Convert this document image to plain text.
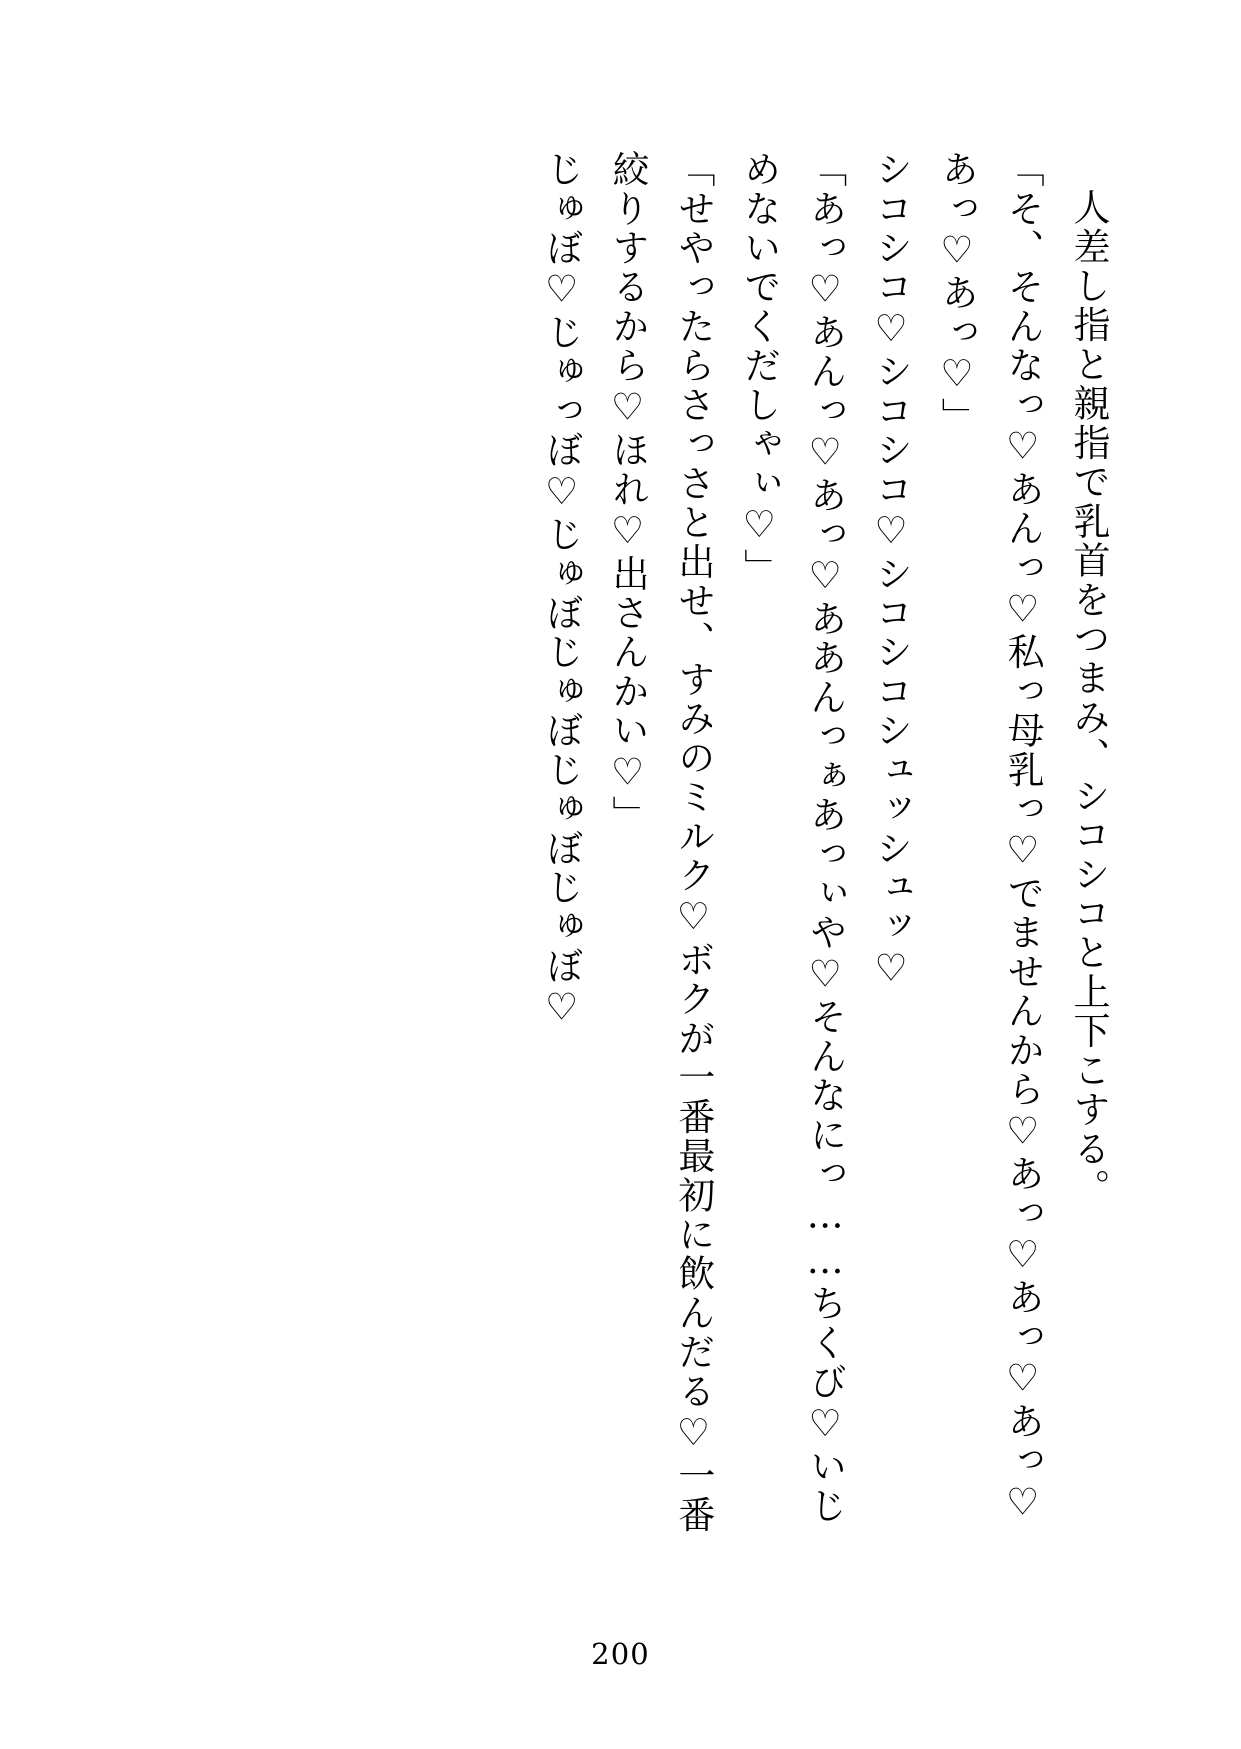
人差し指と親指で乳首をつまみ、シコシコと上下こする。

「そ、そんなっ♡あんっ♡私っ母乳っ♡でませんから♡あっ♡あっ♡あっ♡あっ♡あっ♡」

シコシコ♡シコシコ♡シコシコシュッシュッ♡

「あっ♡あんっ♡あっ♡ああんっぁあっぃや♡そんなにっ……ちくび♡いじめないでくだしゃぃ♡」

「せやったらさっさと出せ、すみのミルク♡ボクが一番最初に飲んだる♡一番絞りするから♡ほれ♡出さんかい♡」

じゅぼ♡じゅっぼ♡じゅぼじゅぼじゅぼじゅぼ♡

200
